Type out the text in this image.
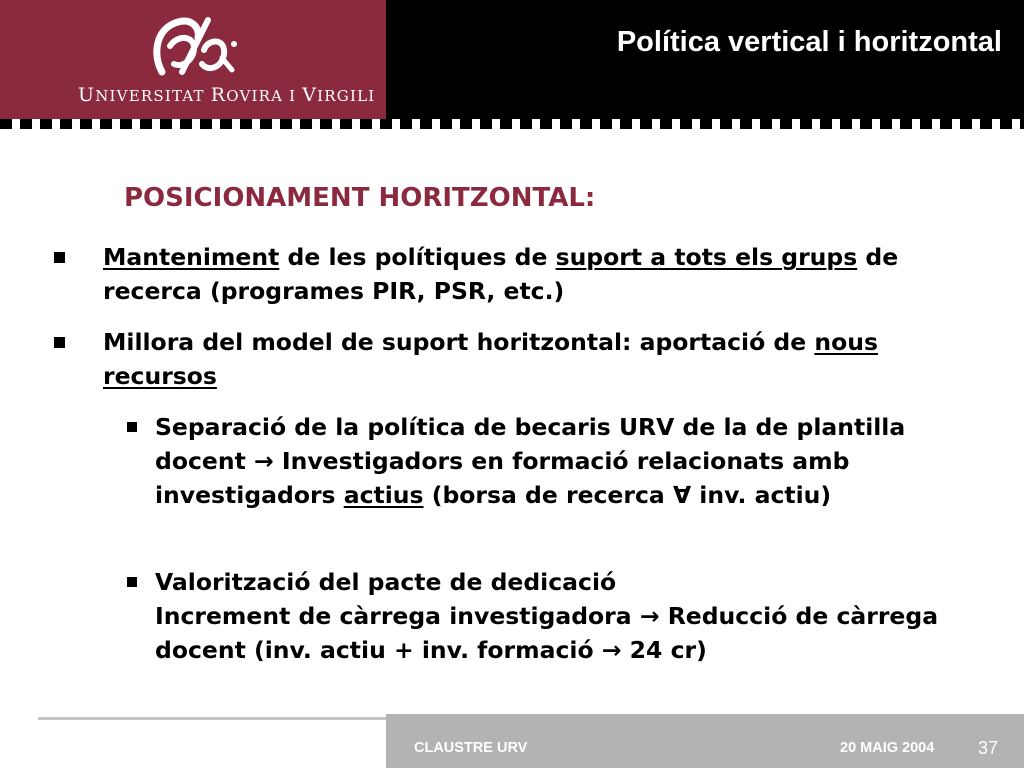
UNIVERSITAT ROVIRA I VIRGILI
Política vertical i horitzontal
POSICIONAMENT HORITZONTAL:
Manteniment de les polítiques de suport a tots els grups de recerca (programes PIR, PSR, etc.)
Millora del model de suport horitzontal: aportació de nous recursos
Separació de la política de becaris URV de la de plantilla docent → Investigadors en formació relacionats amb investigadors actius (borsa de recerca ∀ inv. actiu)
Valorització del pacte de dedicació
Increment de càrrega investigadora → Reducció de càrrega docent (inv. actiu + inv. formació → 24 cr)
CLAUSTRE URV	20 MAIG 2004 37
